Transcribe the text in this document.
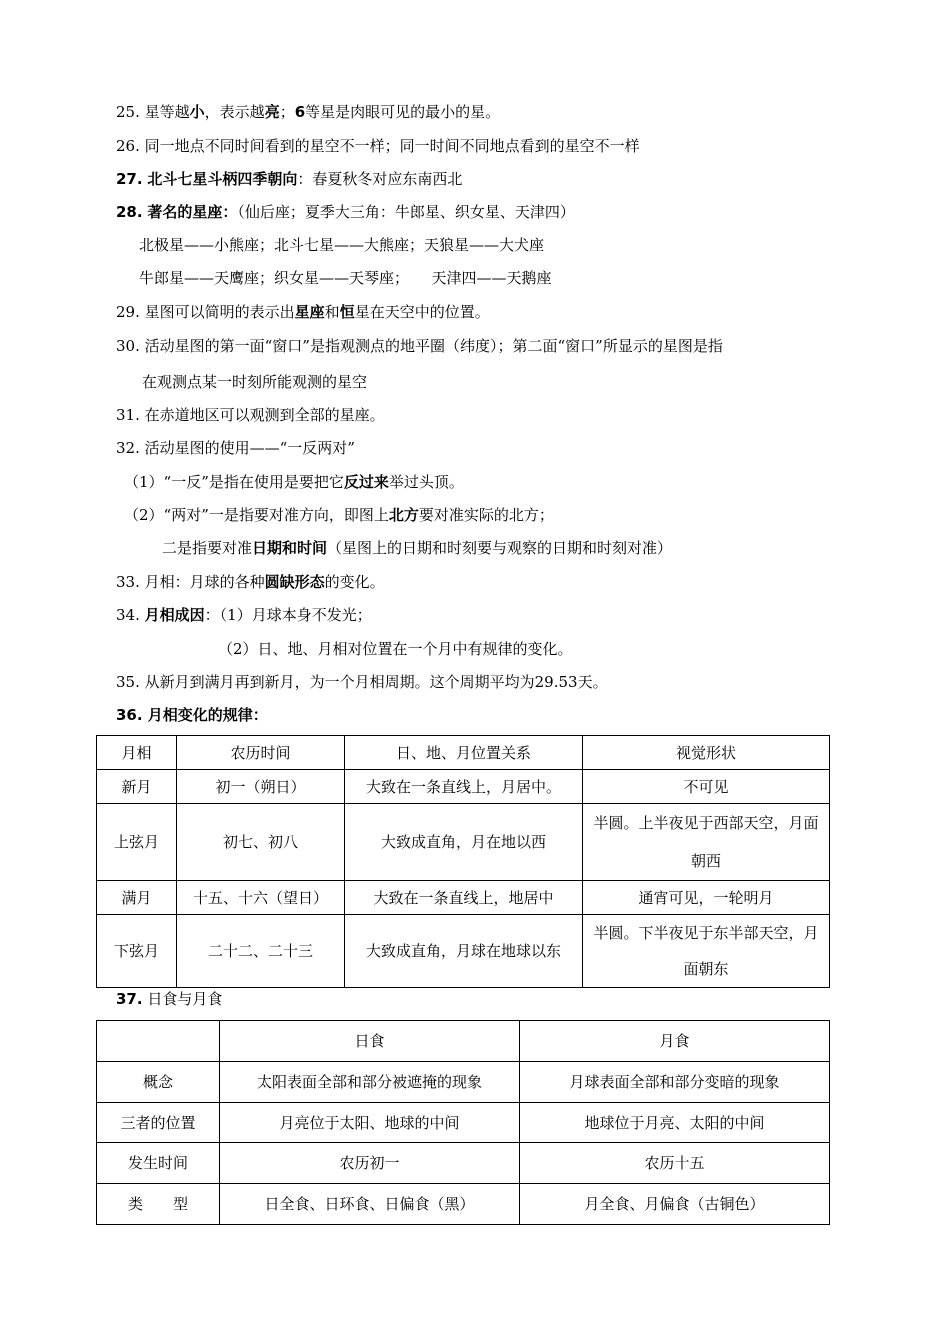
25. 星等越小，表示越亮；6等星是肉眼可见的最小的星。
26. 同一地点不同时间看到的星空不一样；同一时间不同地点看到的星空不一样
27. 北斗七星斗柄四季朝向：春夏秋冬对应东南西北
28. 著名的星座：（仙后座；夏季大三角：牛郎星、织女星、天津四）
北极星——小熊座；北斗七星——大熊座；天狼星——大犬座
牛郎星——天鹰座；织女星——天琴座；　　天津四——天鹅座
29. 星图可以简明的表示出星座和恒星在天空中的位置。
30. 活动星图的第一面“窗口”是指观测点的地平圈（纬度）；第二面“窗口”所显示的星图是指
在观测点某一时刻所能观测的星空
31. 在赤道地区可以观测到全部的星座。
32. 活动星图的使用——“一反两对”
（1）“一反”是指在使用是要把它反过来举过头顶。
（2）“两对”一是指要对准方向，即图上北方要对准实际的北方；
二是指要对准日期和时间（星图上的日期和时刻要与观察的日期和时刻对准）
33. 月相：月球的各种圆缺形态的变化。
34. 月相成因：（1）月球本身不发光；
（2）日、地、月相对位置在一个月中有规律的变化。
35. 从新月到满月再到新月，为一个月相周期。这个周期平均为29.53天。
36. 月相变化的规律：
月相	农历时间	日、地、月位置关系	视觉形状
新月	初一（朔日）	大致在一条直线上，月居中。	不可见
上弦月	初七、初八	大致成直角，月在地以西	半圆。上半夜见于西部天空，月面朝西
满月	十五、十六（望日）	大致在一条直线上，地居中	通宵可见，一轮明月
下弦月	二十二、二十三	大致成直角，月球在地球以东	半圆。下半夜见于东半部天空，月面朝东
37. 日食与月食
	日食	月食
概念	太阳表面全部和部分被遮掩的现象	月球表面全部和部分变暗的现象
三者的位置	月亮位于太阳、地球的中间	地球位于月亮、太阳的中间
发生时间	农历初一	农历十五
类　　型	日全食、日环食、日偏食（黑）	月全食、月偏食（古铜色）
